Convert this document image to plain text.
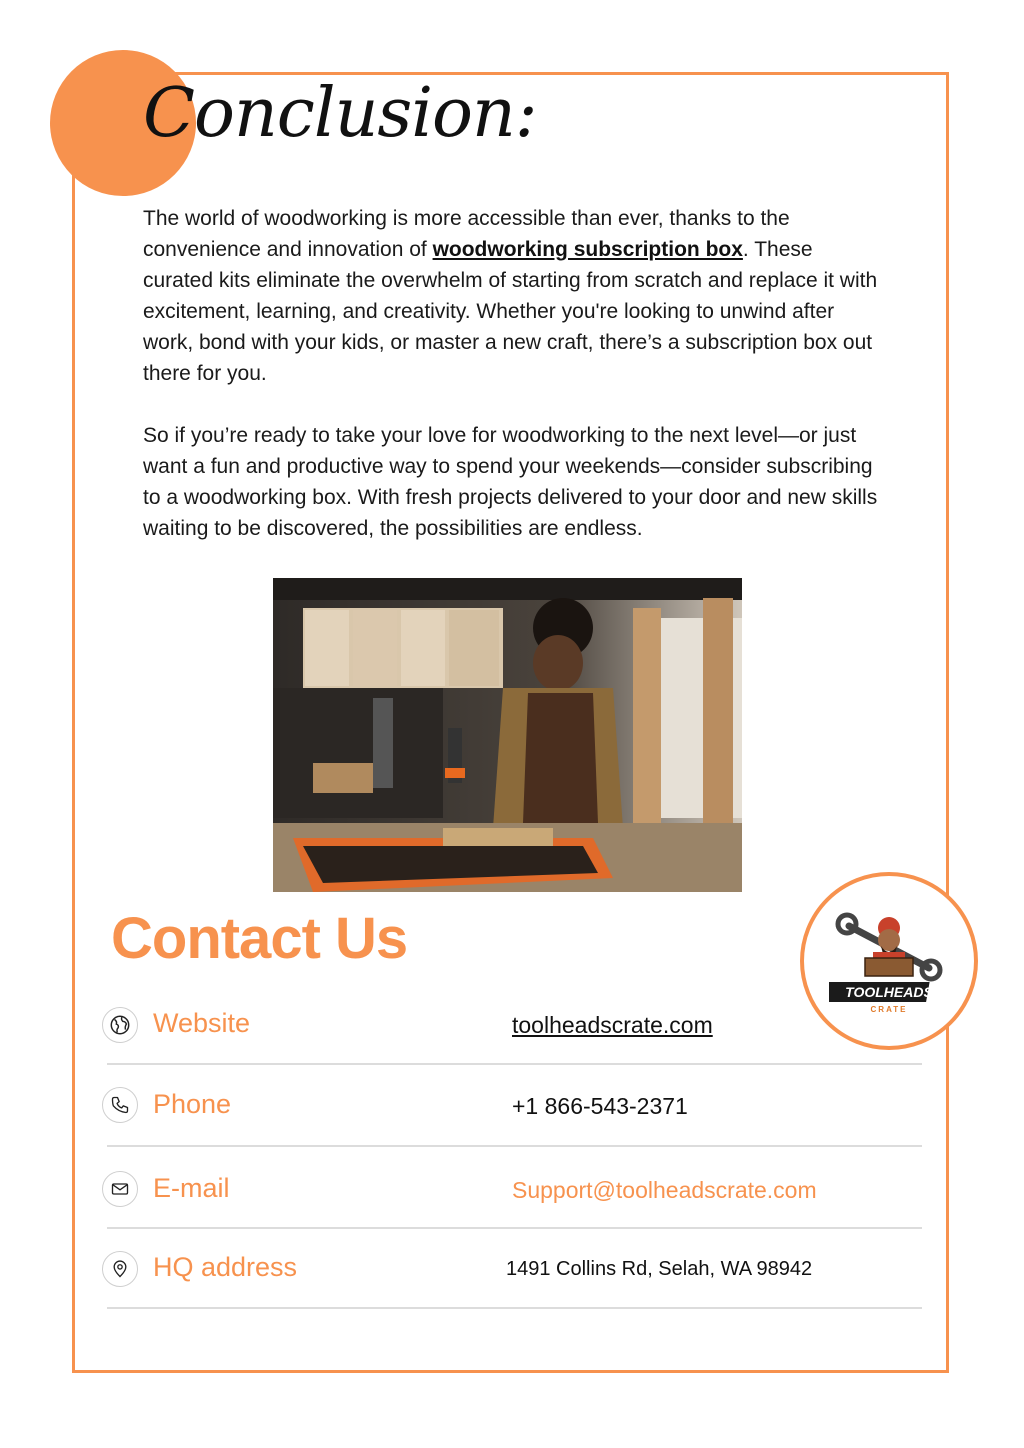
Conclusion:

The world of woodworking is more accessible than ever, thanks to the convenience and innovation of woodworking subscription box. These curated kits eliminate the overwhelm of starting from scratch and replace it with excitement, learning, and creativity. Whether you're looking to unwind after work, bond with your kids, or master a new craft, there’s a subscription box out there for you.

So if you’re ready to take your love for woodworking to the next level—or just want a fun and productive way to spend your weekends—consider subscribing to a woodworking box. With fresh projects delivered to your door and new skills waiting to be discovered, the possibilities are endless.

Contact Us
TOOLHEADS
CRATE
Website	toolheadscrate.com
Phone	+1 866-543-2371
E-mail	Support@toolheadscrate.com
HQ address	1491 Collins Rd, Selah, WA 98942
